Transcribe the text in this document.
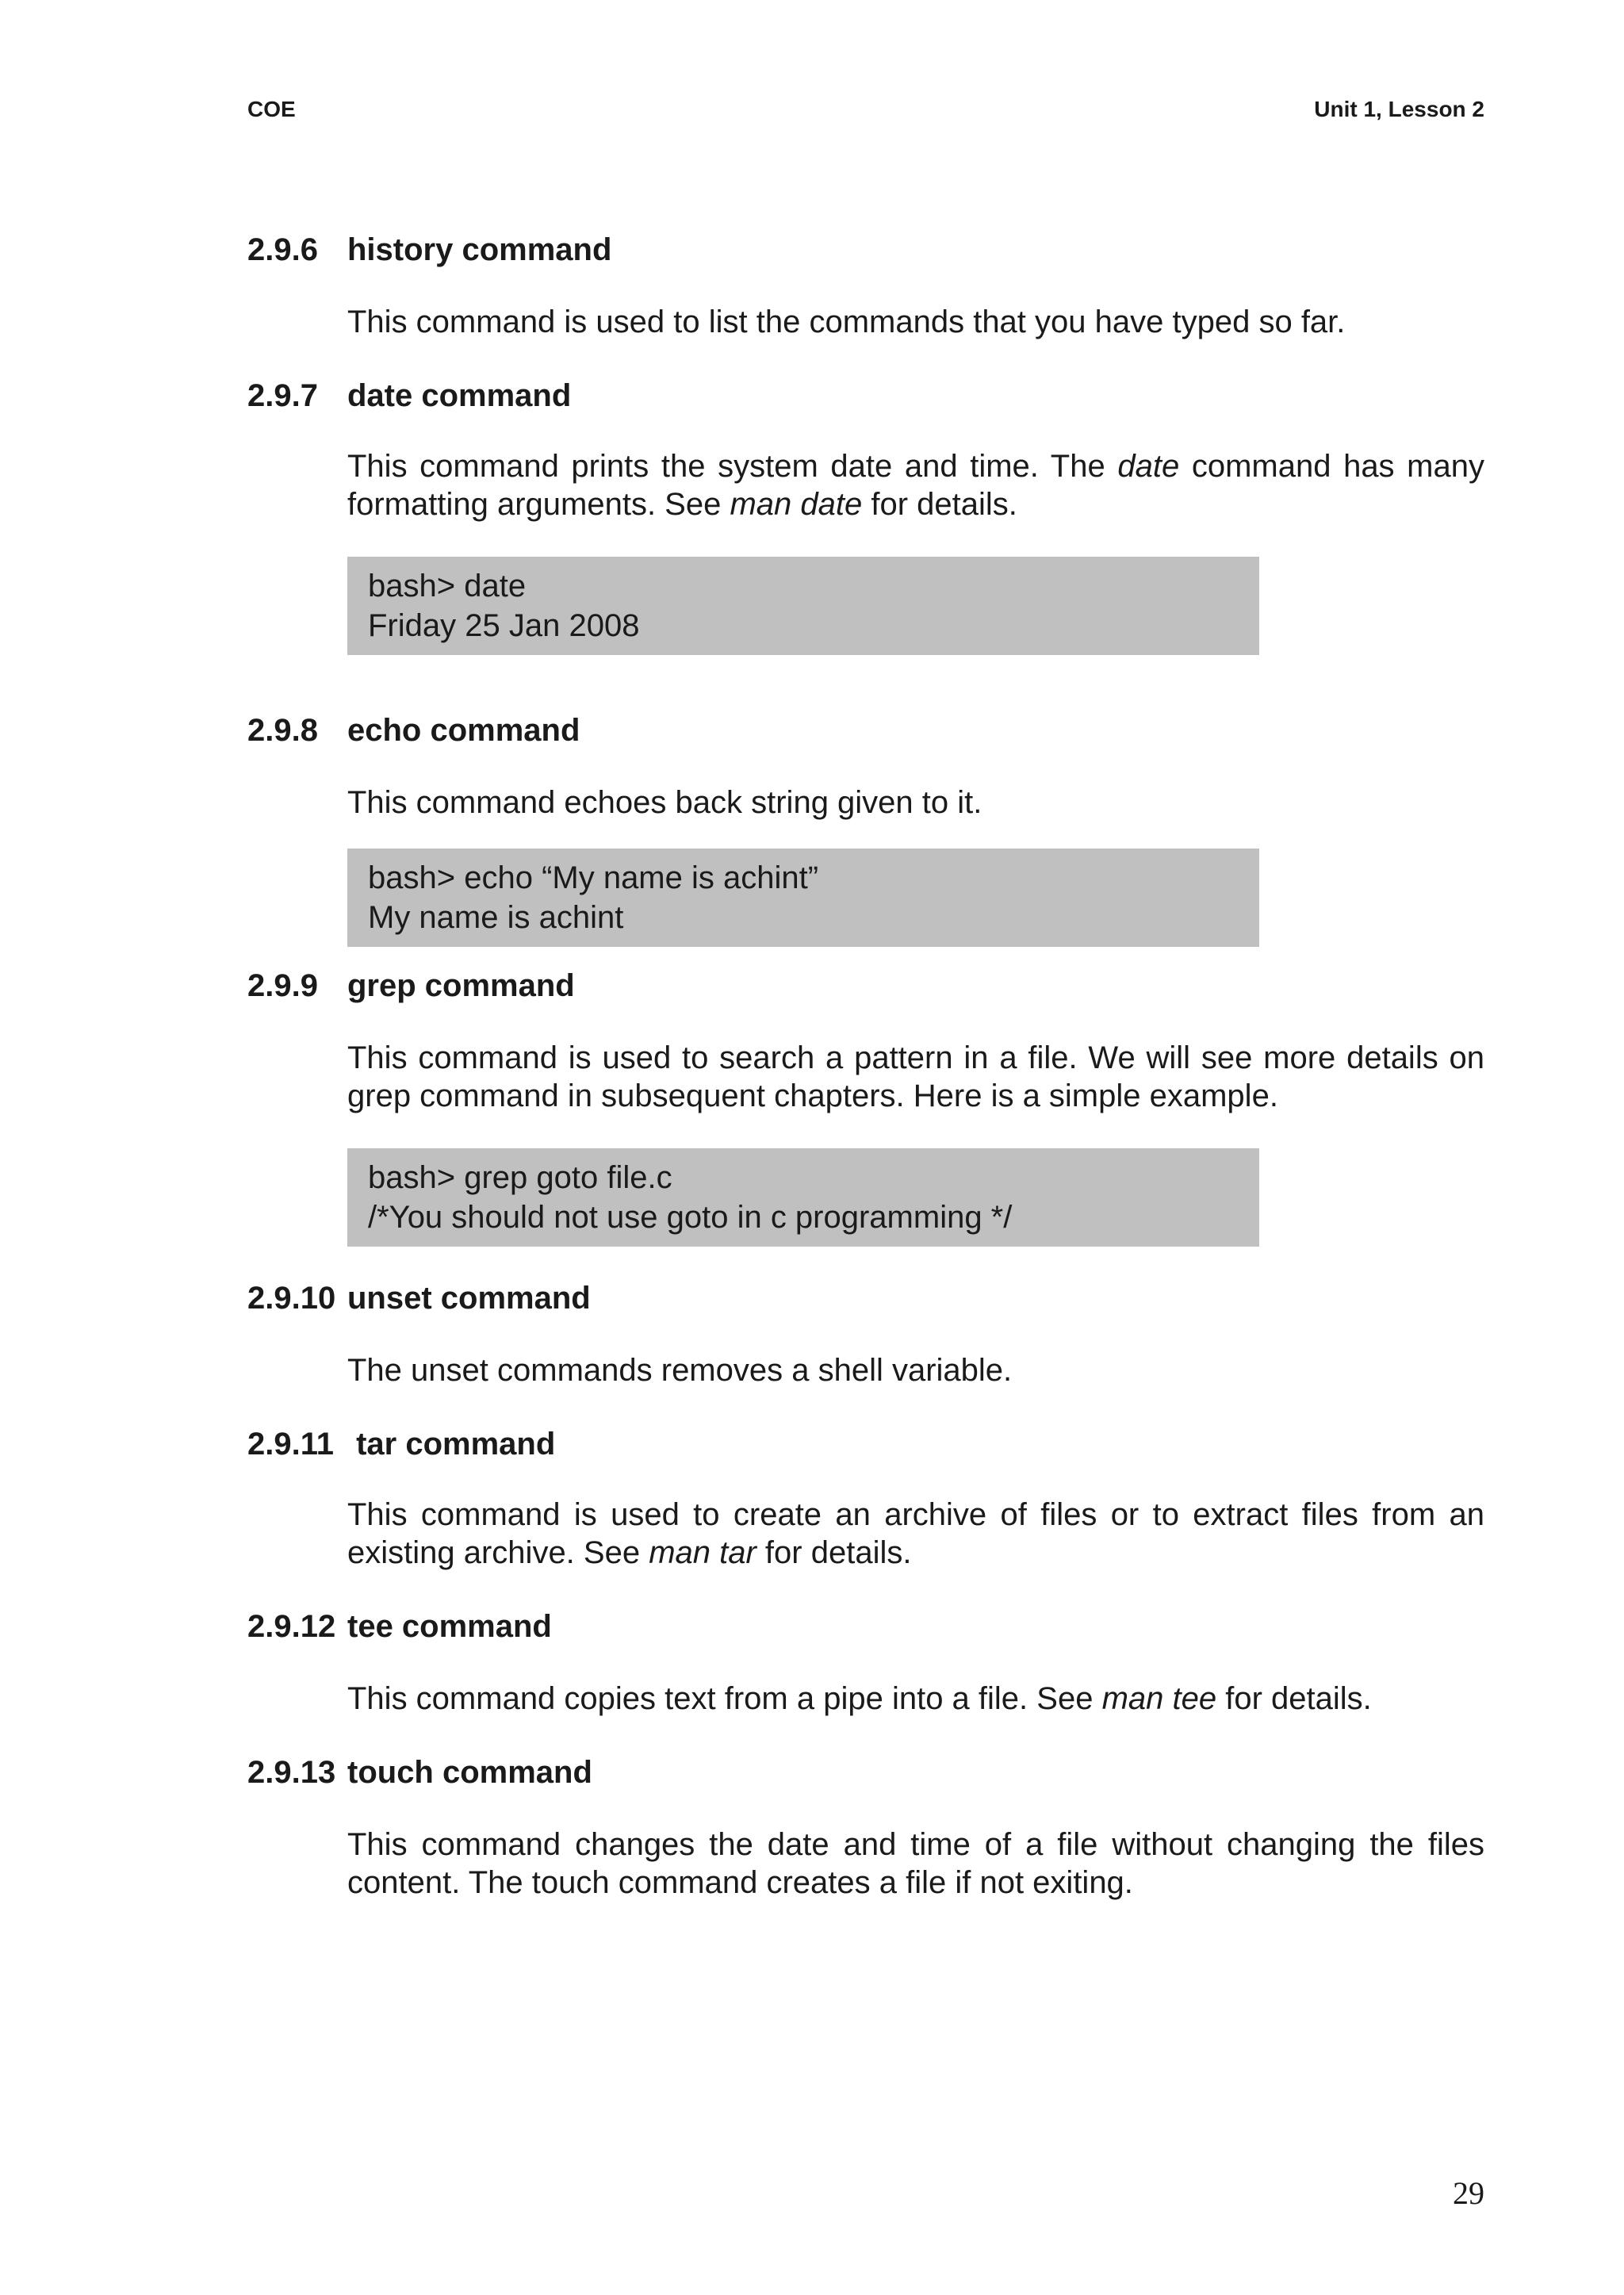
COE	Unit 1, Lesson 2
2.9.6 history command
This command is used to list the commands that you have typed so far.
2.9.7 date command
This command prints the system date and time. The date command has many formatting arguments. See man date for details.
bash> date
Friday 25 Jan 2008
2.9.8 echo command
This command echoes back string given to it.
bash> echo “My name is achint”
My name is achint
2.9.9 grep command
This command is used to search a pattern in a file. We will see more details on grep command in subsequent chapters. Here is a simple example.
bash> grep goto file.c
/*You should not use goto in c programming */
2.9.10 unset command
The unset commands removes a shell variable.
2.9.11 tar command
This command is used to create an archive of files or to extract files from an existing archive. See man tar for details.
2.9.12 tee command
This command copies text from a pipe into a file. See man tee for details.
2.9.13 touch command
This command changes the date and time of a file without changing the files content. The touch command creates a file if not exiting.
29
